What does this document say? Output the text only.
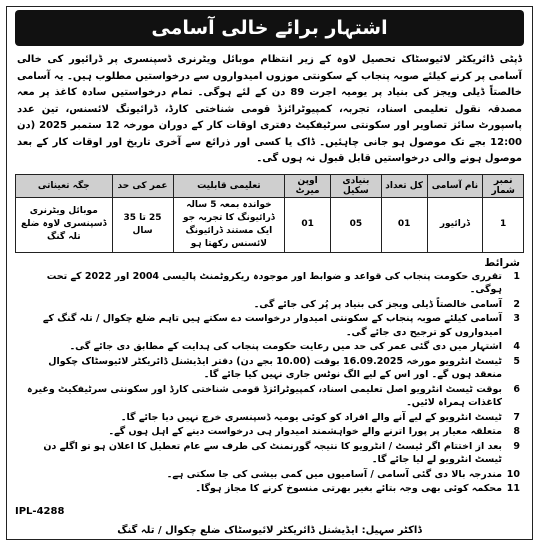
اشتہار برائے خالی آسامی
ڈپٹی ڈائریکٹر لائیوسٹاک تحصیل لاوہ کے زیر انتظام موبائل ویٹرنری ڈسپنسری پر ڈرائیور کی خالی آسامی پر کرنے کیلئے صوبہ پنجاب کے سکونتی موزوں امیدواروں سے درخواستیں مطلوب ہیں۔ یہ آسامی خالصتاً ڈیلی ویجز کی بنیاد پر یومیہ اجرت 89 دن کے لئے ہوگی۔ تمام درخواستیں سادہ کاغذ پر معہ مصدقہ نقول تعلیمی اسناد، تجربہ، کمپیوٹرائزڈ قومی شناختی کارڈ، ڈرائیونگ لائسنس، تین عدد پاسپورٹ سائز تصاویر اور سکونتی سرٹیفکیٹ دفتری اوقات کار کے دوران مورخہ 12 ستمبر 2025 (دن 12:00 بجے تک موصول ہو جانی چاہئیں۔ ڈاک یا کسی اور ذرائع سے آخری تاریخ اور اوقات کار کے بعد موصول ہونے والی درخواستیں قابل قبول نہ ہوں گی۔
نمبر شمار	نام آسامی	کل تعداد	بنیادی سکیل	اوپن میرٹ	تعلیمی قابلیت	عمر کی حد	جگہ تعیناتی
1	ڈرائیور	01	05	01	خواندہ بمعہ 5 سالہ ڈرائیونگ کا تجربہ جو ایک مستند ڈرائیونگ لائسنس رکھتا ہو	25 تا 35 سال	موبائل ویٹرنری ڈسپنسری لاوہ ضلع تلہ گنگ
شرائط
1
تقرری حکومت پنجاب کی قواعد و ضوابط اور موجودہ ریکروٹمنٹ پالیسی 2004 اور 2022 کے تحت ہوگی۔
2
آسامی خالصتاً ڈیلی ویجز کی بنیاد پر پُر کی جائے گی۔
3
آسامی کیلئے صوبہ پنجاب کے سکونتی امیدوار درخواست دے سکتے ہیں تاہم ضلع چکوال / تلہ گنگ کے امیدواروں کو ترجیح دی جائے گی۔
4
اشتہار میں دی گئی عمر کی حد میں رعایت حکومت پنجاب کی ہدایت کے مطابق دی جائے گی۔
5
ٹیسٹ انٹرویو مورخہ 16.09.2025 بوقت (10.00 بجے دن) دفتر ایڈیشنل ڈائریکٹر لائیوسٹاک چکوال منعقد ہوں گے۔ اور اس کے لیے الگ نوٹس جاری نہیں کیا جائے گا۔
6
بوقت ٹیسٹ انٹرویو اصل تعلیمی اسناد، کمپیوٹرائزڈ قومی شناختی کارڈ اور سکونتی سرٹیفکیٹ وغیرہ کاغذات ہمراہ لائیں۔
7
ٹیسٹ انٹرویو کے لیے آنے والے افراد کو کوئی یومیہ ڈسپنسری خرچ نہیں دیا جائے گا۔
8
متعلقہ معیار پر پورا اترنے والے خواہشمند امیدوار ہی درخواست دینے کے اہل ہوں گے۔
9
بعد از اختتام اگر ٹیسٹ / انٹرویو کا نتیجہ گورنمنٹ کی طرف سے عام تعطیل کا اعلان ہو تو اگلے دن ٹیسٹ انٹرویو لے لیا جائے گا۔
10
مندرجہ بالا دی گئی آسامی / آسامیوں میں کمی بیشی کی جا سکتی ہے۔
11
محکمہ کوئی بھی وجہ بتائے بغیر بھرتی منسوخ کرنے کا مجاز ہوگا۔
IPL-4288
ڈاکٹر سہیل: ایڈیشنل ڈائریکٹر لائیوسٹاک ضلع چکوال / تلہ گنگ
